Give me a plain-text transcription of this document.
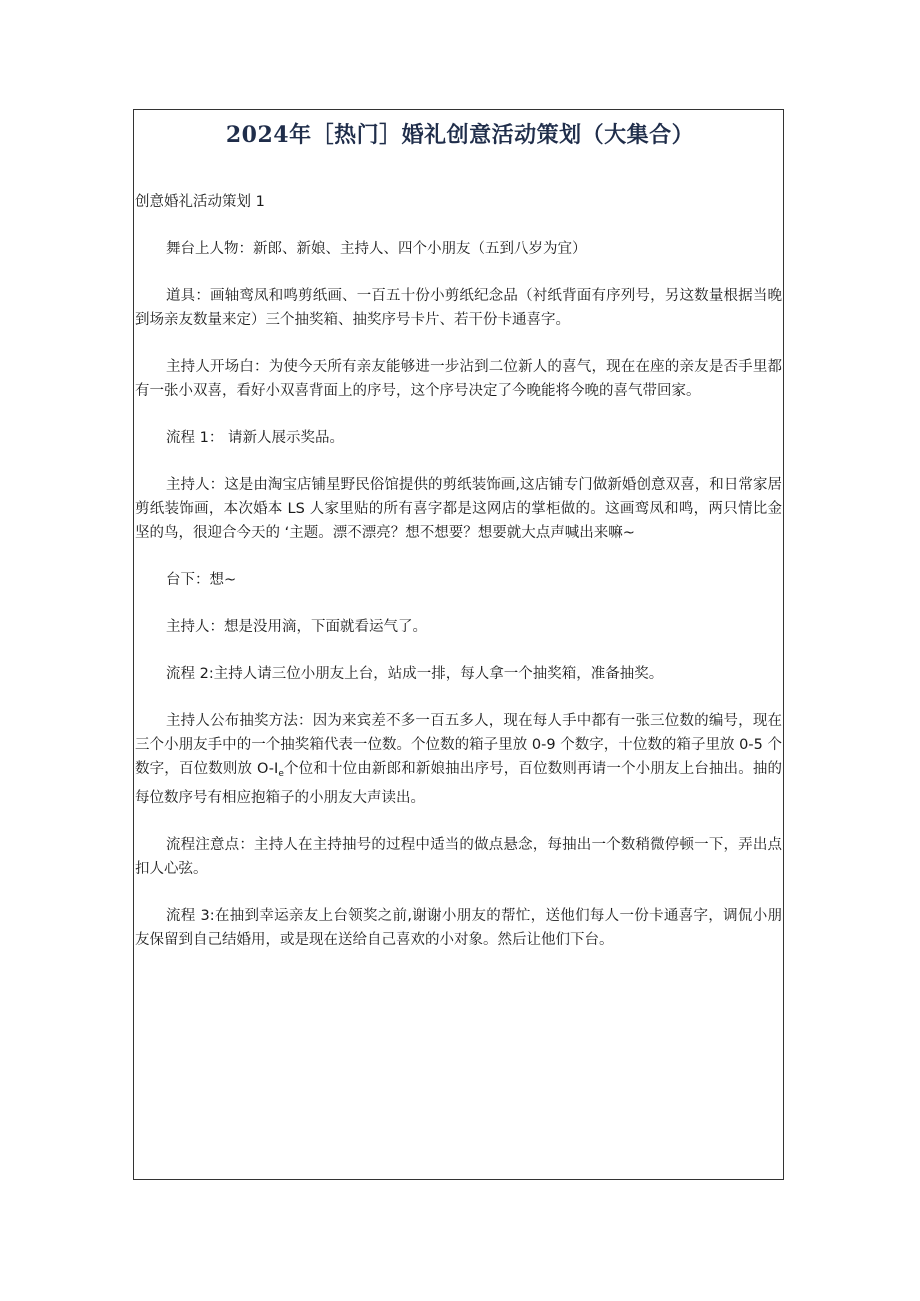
2024年［热门］婚礼创意活动策划（大集合）

创意婚礼活动策划 1

舞台上人物：新郎、新娘、主持人、四个小朋友（五到八岁为宜）

道具：画轴鸾凤和鸣剪纸画、一百五十份小剪纸纪念品（衬纸背面有序列号，另这数量根据当晚到场亲友数量来定）三个抽奖箱、抽奖序号卡片、若干份卡通喜字。

主持人开场白：为使今天所有亲友能够进一步沾到二位新人的喜气，现在在座的亲友是否手里都有一张小双喜，看好小双喜背面上的序号，这个序号决定了今晚能将今晚的喜气带回家。

流程 1： 请新人展示奖品。

主持人：这是由淘宝店铺星野民俗馆提供的剪纸装饰画,这店铺专门做新婚创意双喜，和日常家居剪纸装饰画，本次婚本 LS 人家里贴的所有喜字都是这网店的掌柜做的。这画鸾凤和鸣，两只情比金坚的鸟，很迎合今天的 ‘主题。漂不漂亮？想不想要？想要就大点声喊出来嘛~

台下：想~

主持人：想是没用滴，下面就看运气了。

流程 2:主持人请三位小朋友上台，站成一排，每人拿一个抽奖箱，准备抽奖。

主持人公布抽奖方法：因为来宾差不多一百五多人，现在每人手中都有一张三位数的编号，现在三个小朋友手中的一个抽奖箱代表一位数。个位数的箱子里放 0-9 个数字，十位数的箱子里放 0-5 个数字，百位数则放 $O-I_e$个位和十位由新郎和新娘抽出序号，百位数则再请一个小朋友上台抽出。抽的每位数序号有相应抱箱子的小朋友大声读出。

流程注意点：主持人在主持抽号的过程中适当的做点悬念，每抽出一个数稍微停顿一下，弄出点扣人心弦。

流程 3:在抽到幸运亲友上台领奖之前,谢谢小朋友的帮忙，送他们每人一份卡通喜字，调侃小朋友保留到自己结婚用，或是现在送给自己喜欢的小对象。然后让他们下台。
